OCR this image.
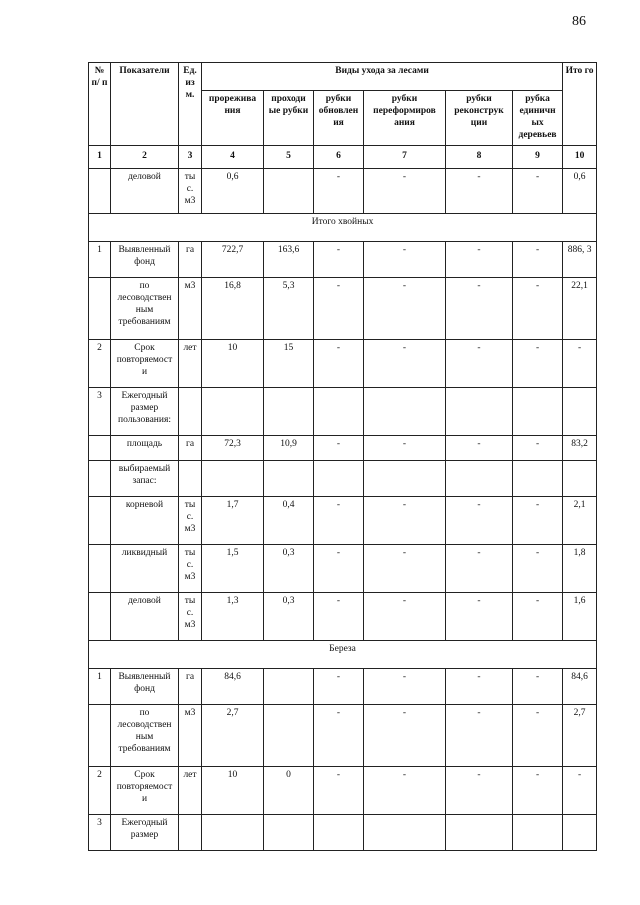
86
№ п/ п	Показатели	Ед. из м.	Виды ухода за лесами						Ито го
			прорежива ния	проходи ые рубки	рубки обновлен ия	рубки переформиров ания	рубки реконструк ции	рубка единичн ых деревьев	
1	2	3	4	5	6	7	8	9	10
	деловой	ты с. м3	0,6		-	-	-	-	0,6
Итого хвойных									
1	Выявленный фонд	га	722,7	163,6	-	-	-	-	886, 3
	по лесоводствен ным требованиям	м3	16,8	5,3	-	-	-	-	22,1
2	Срок повторяемост и	лет	10	15	-	-	-	-	-
3	Ежегодный размер пользования:								
	площадь	га	72,3	10,9	-	-	-	-	83,2
	выбираемый запас:								
	корневой	ты с. м3	1,7	0,4	-	-	-	-	2,1
	ликвидный	ты с. м3	1,5	0,3	-	-	-	-	1,8
	деловой	ты с. м3	1,3	0,3	-	-	-	-	1,6
Береза									
1	Выявленный фонд	га	84,6		-	-	-	-	84,6
	по лесоводствен ным требованиям	м3	2,7		-	-	-	-	2,7
2	Срок повторяемост и	лет	10	0	-	-	-	-	-
3	Ежегодный размер								
